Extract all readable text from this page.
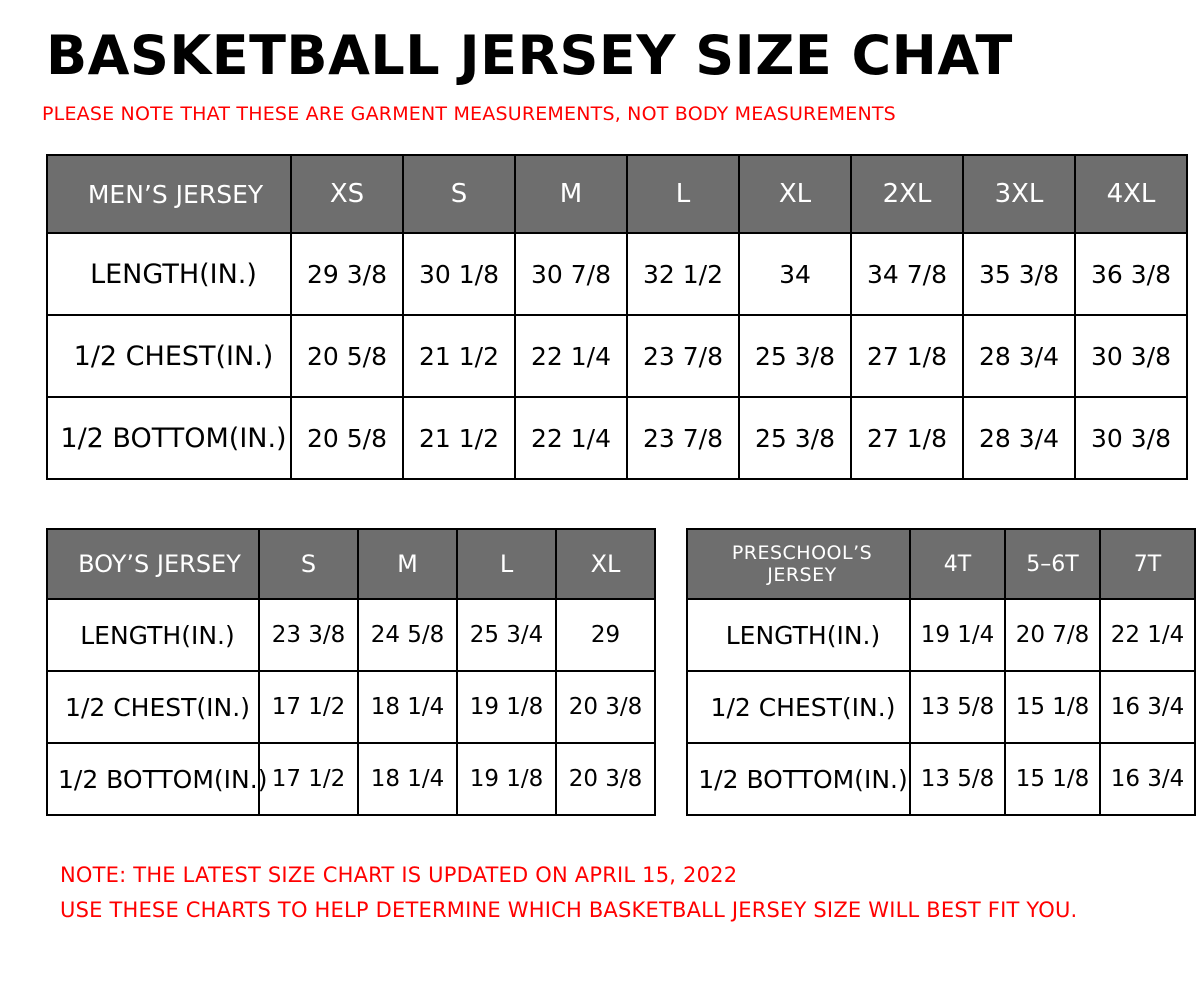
BASKETBALL JERSEY SIZE CHAT
PLEASE NOTE THAT THESE ARE GARMENT MEASUREMENTS, NOT BODY MEASUREMENTS
MEN’S JERSEY	XS	S	M	L	XL	2XL	3XL	4XL
LENGTH(IN.)	29 3/8	30 1/8	30 7/8	32 1/2	34	34 7/8	35 3/8	36 3/8
1/2 CHEST(IN.)	20 5/8	21 1/2	22 1/4	23 7/8	25 3/8	27 1/8	28 3/4	30 3/8
1/2 BOTTOM(IN.)	20 5/8	21 1/2	22 1/4	23 7/8	25 3/8	27 1/8	28 3/4	30 3/8
BOY’S JERSEY	S	M	L	XL
LENGTH(IN.)	23 3/8	24 5/8	25 3/4	29
1/2 CHEST(IN.)	17 1/2	18 1/4	19 1/8	20 3/8
1/2 BOTTOM(IN.)	17 1/2	18 1/4	19 1/8	20 3/8
PRESCHOOL’S JERSEY	4T	5–6T	7T
LENGTH(IN.)	19 1/4	20 7/8	22 1/4
1/2 CHEST(IN.)	13 5/8	15 1/8	16 3/4
1/2 BOTTOM(IN.)	13 5/8	15 1/8	16 3/4
NOTE: THE LATEST SIZE CHART IS UPDATED ON APRIL 15, 2022
USE THESE CHARTS TO HELP DETERMINE WHICH BASKETBALL JERSEY SIZE WILL BEST FIT YOU.
